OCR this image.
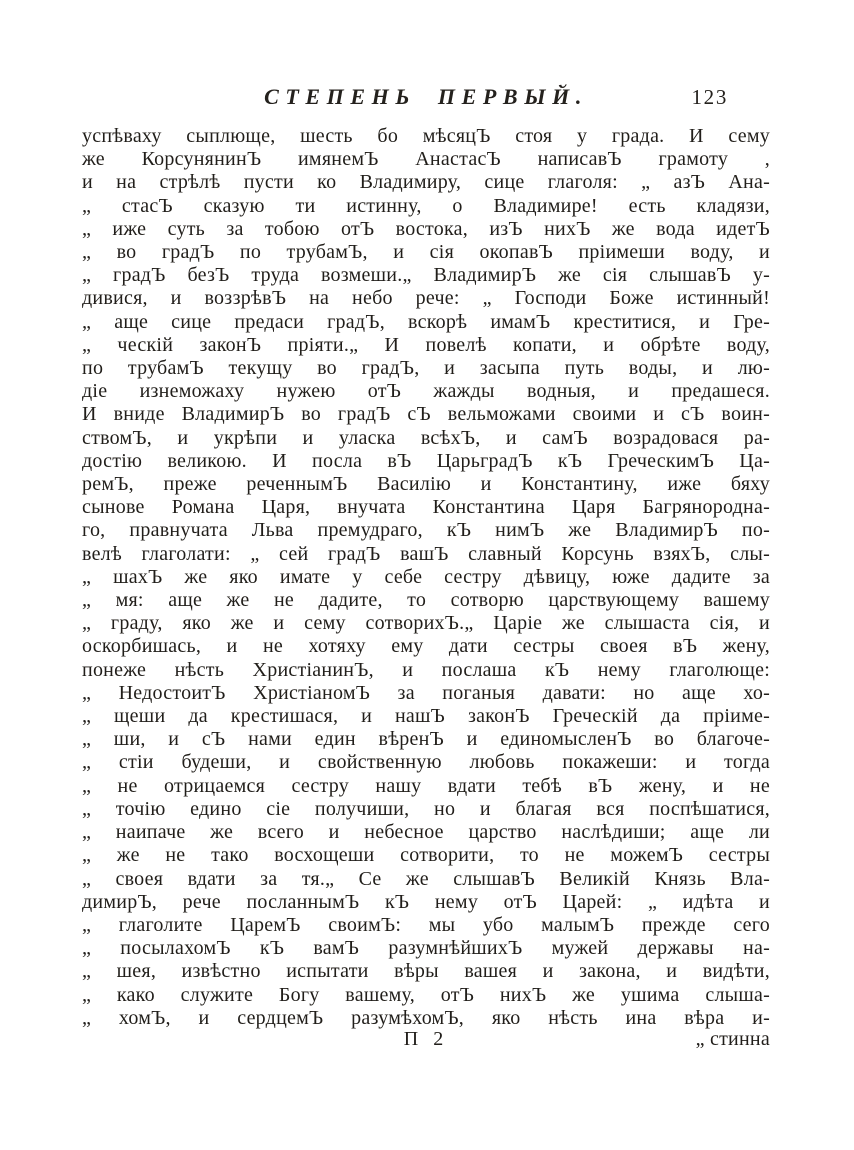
СТЕПЕНЬ ПЕРВЫЙ.	123
успѣваху сыплюще, шесть бо мѣсяцЪ стоя у града. И сему
же КорсунянинЪ имянемЪ АнастасЪ написавЪ грамоту ,
и на стрѣлѣ пусти ко Владимиру, сице глаголя: „ азЪ Ана-
„ стасЪ сказую ти истинну, о Владимире! есть кладязи,
„ иже суть за тобою отЪ востока, изЪ нихЪ же вода идетЪ
„ во градЪ по трубамЪ, и сія окопавЪ пріимеши воду, и
„ градЪ безЪ труда возмеши.„ ВладимирЪ же сія слышавЪ у-
дивися, и воззрѣвЪ на небо рече: „ Господи Боже истинный!
„ аще сице предаси градЪ, вскорѣ имамЪ креститися, и Гре-
„ ческій законЪ пріяти.„ И повелѣ копати, и обрѣте воду,
по трубамЪ текущу во градЪ, и засыпа путь воды, и лю-
діе изнеможаху нужею отЪ жажды водныя, и предашеся.
И вниде ВладимирЪ во градЪ сЪ вельможами своими и сЪ воин-
ствомЪ, и укрѣпи и уласка всѣхЪ, и самЪ возрадовася ра-
достію великою. И посла вЪ ЦарьградЪ кЪ ГреческимЪ Ца-
ремЪ, преже реченнымЪ Василію и Константину, иже бяху
сынове Романа Царя, внучата Константина Царя Багрянородна-
го, правнучата Льва премудраго, кЪ нимЪ же ВладимирЪ по-
велѣ глаголати: „ сей градЪ вашЪ славный Корсунь взяхЪ, слы-
„ шахЪ же яко имате у себе сестру дѣвицу, юже дадите за
„ мя: аще же не дадите, то сотворю царствующему вашему
„ граду, яко же и сему сотворихЪ.„ Царіе же слышаста сія, и
оскорбишась, и не хотяху ему дати сестры своея вЪ жену,
понеже нѣсть ХристіанинЪ, и послаша кЪ нему глаголюще:
„ НедостоитЪ ХристіаномЪ за поганыя давати: но аще хо-
„ щеши да крестишася, и нашЪ законЪ Греческій да пріиме-
„ ши, и сЪ нами един вѣренЪ и единомысленЪ во благоче-
„ стіи будеши, и свойственную любовь покажеши: и тогда
„ не отрицаемся сестру нашу вдати тебѣ вЪ жену, и не
„ точію едино сіе получиши, но и благая вся поспѣшатися,
„ наипаче же всего и небесное царство наслѣдиши; аще ли
„ же не тако восхощеши сотворити, то не можемЪ сестры
„ своея вдати за тя.„ Се же слышавЪ Великій Князь Вла-
димирЪ, рече посланнымЪ кЪ нему отЪ Царей: „ идѣта и
„ глаголите ЦаремЪ своимЪ: мы убо малымЪ прежде сего
„ посылахомЪ кЪ вамЪ разумнѣйшихЪ мужей державы на-
„ шея, извѣстно испытати вѣры вашея и закона, и видѣти,
„ како служите Богу вашему, отЪ нихЪ же ушима слыша-
„ хомЪ, и сердцемЪ разумѣхомЪ, яко нѣсть ина вѣра и-
П 2	„ стинна
